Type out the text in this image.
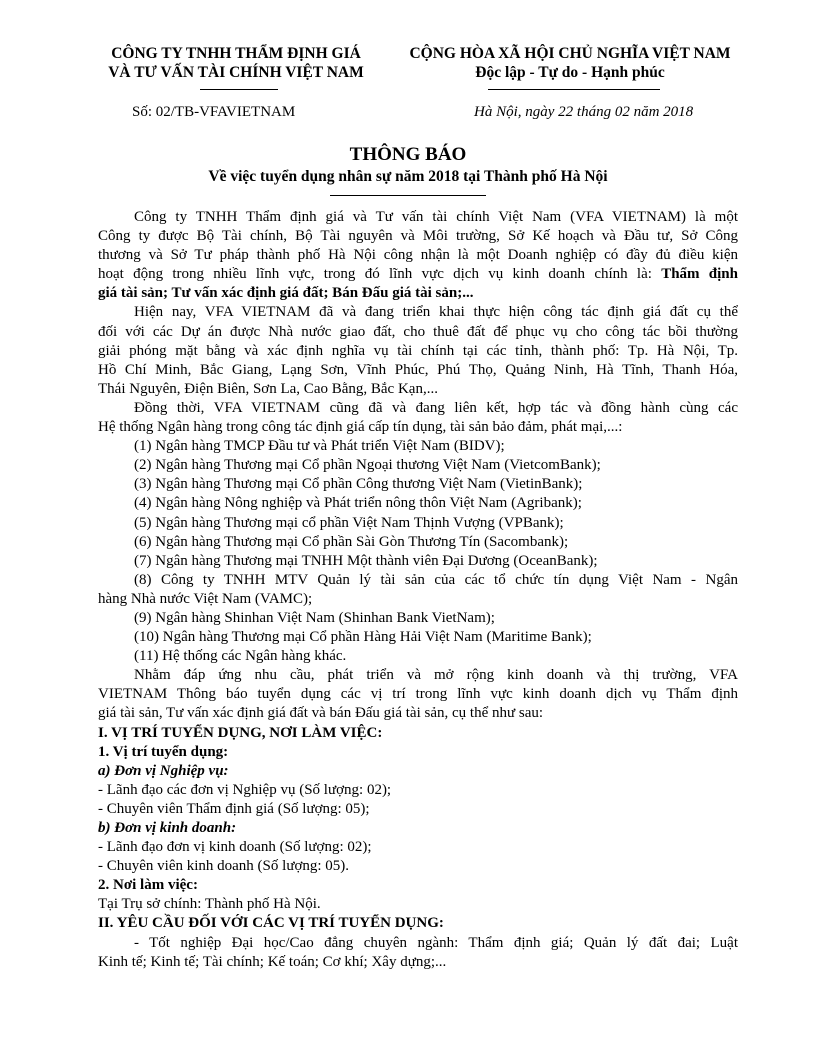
CÔNG TY TNHH THẨM ĐỊNH GIÁ
VÀ TƯ VẤN TÀI CHÍNH VIỆT NAM
CỘNG HÒA XÃ HỘI CHỦ NGHĨA VIỆT NAM
Độc lập - Tự do - Hạnh phúc
Số: 02/TB-VFAVIETNAM	Hà Nội, ngày 22 tháng 02 năm 2018
THÔNG BÁO
Về việc tuyển dụng nhân sự năm 2018 tại Thành phố Hà Nội

Công ty TNHH Thẩm định giá và Tư vấn tài chính Việt Nam (VFA VIETNAM) là một

Công ty được Bộ Tài chính, Bộ Tài nguyên và Môi trường, Sở Kế hoạch và Đầu tư, Sở Công

thương và Sở Tư pháp thành phố Hà Nội công nhận là một Doanh nghiệp có đầy đủ điều kiện

hoạt động trong nhiều lĩnh vực, trong đó lĩnh vực dịch vụ kinh doanh chính là: Thẩm định

giá tài sản; Tư vấn xác định giá đất; Bán Đấu giá tài sản;...

Hiện nay, VFA VIETNAM đã và đang triển khai thực hiện công tác định giá đất cụ thể

đối với các Dự án được Nhà nước giao đất, cho thuê đất để phục vụ cho công tác bồi thường

giải phóng mặt bằng và xác định nghĩa vụ tài chính tại các tỉnh, thành phố: Tp. Hà Nội, Tp.

Hồ Chí Minh, Bắc Giang, Lạng Sơn, Vĩnh Phúc, Phú Thọ, Quảng Ninh, Hà Tĩnh, Thanh Hóa,

Thái Nguyên, Điện Biên, Sơn La, Cao Bằng, Bắc Kạn,...

Đồng thời, VFA VIETNAM cũng đã và đang liên kết, hợp tác và đồng hành cùng các

Hệ thống Ngân hàng trong công tác định giá cấp tín dụng, tài sản bảo đảm, phát mại,...:

(1) Ngân hàng TMCP Đầu tư và Phát triển Việt Nam (BIDV);

(2) Ngân hàng Thương mại Cổ phần Ngoại thương Việt Nam (VietcomBank);

(3) Ngân hàng Thương mại Cổ phần Công thương Việt Nam (VietinBank);

(4) Ngân hàng Nông nghiệp và Phát triển nông thôn Việt Nam (Agribank);

(5) Ngân hàng Thương mại cổ phần Việt Nam Thịnh Vượng (VPBank);

(6) Ngân hàng Thương mại Cổ phần Sài Gòn Thương Tín (Sacombank);

(7) Ngân hàng Thương mại TNHH Một thành viên Đại Dương (OceanBank);

(8) Công ty TNHH MTV Quản lý tài sản của các tổ chức tín dụng Việt Nam - Ngân

hàng Nhà nước Việt Nam (VAMC);

(9) Ngân hàng Shinhan Việt Nam (Shinhan Bank VietNam);

(10) Ngân hàng Thương mại Cổ phần Hàng Hải Việt Nam (Maritime Bank);

(11) Hệ thống các Ngân hàng khác.

Nhằm đáp ứng nhu cầu, phát triển và mở rộng kinh doanh và thị trường, VFA

VIETNAM Thông báo tuyển dụng các vị trí trong lĩnh vực kinh doanh dịch vụ Thẩm định

giá tài sản, Tư vấn xác định giá đất và bán Đấu giá tài sản, cụ thể như sau:

I. VỊ TRÍ TUYỂN DỤNG, NƠI LÀM VIỆC:

1. Vị trí tuyển dụng:

a) Đơn vị Nghiệp vụ:

- Lãnh đạo các đơn vị Nghiệp vụ (Số lượng: 02);

- Chuyên viên Thẩm định giá (Số lượng: 05);

b) Đơn vị kinh doanh:

- Lãnh đạo đơn vị kinh doanh (Số lượng: 02);

- Chuyên viên kinh doanh (Số lượng: 05).

2. Nơi làm việc:

Tại Trụ sở chính: Thành phố Hà Nội.

II. YÊU CẦU ĐỐI VỚI CÁC VỊ TRÍ TUYỂN DỤNG:

- Tốt nghiệp Đại học/Cao đẳng chuyên ngành: Thẩm định giá; Quản lý đất đai; Luật

Kinh tế; Kinh tế; Tài chính; Kế toán; Cơ khí; Xây dựng;...
